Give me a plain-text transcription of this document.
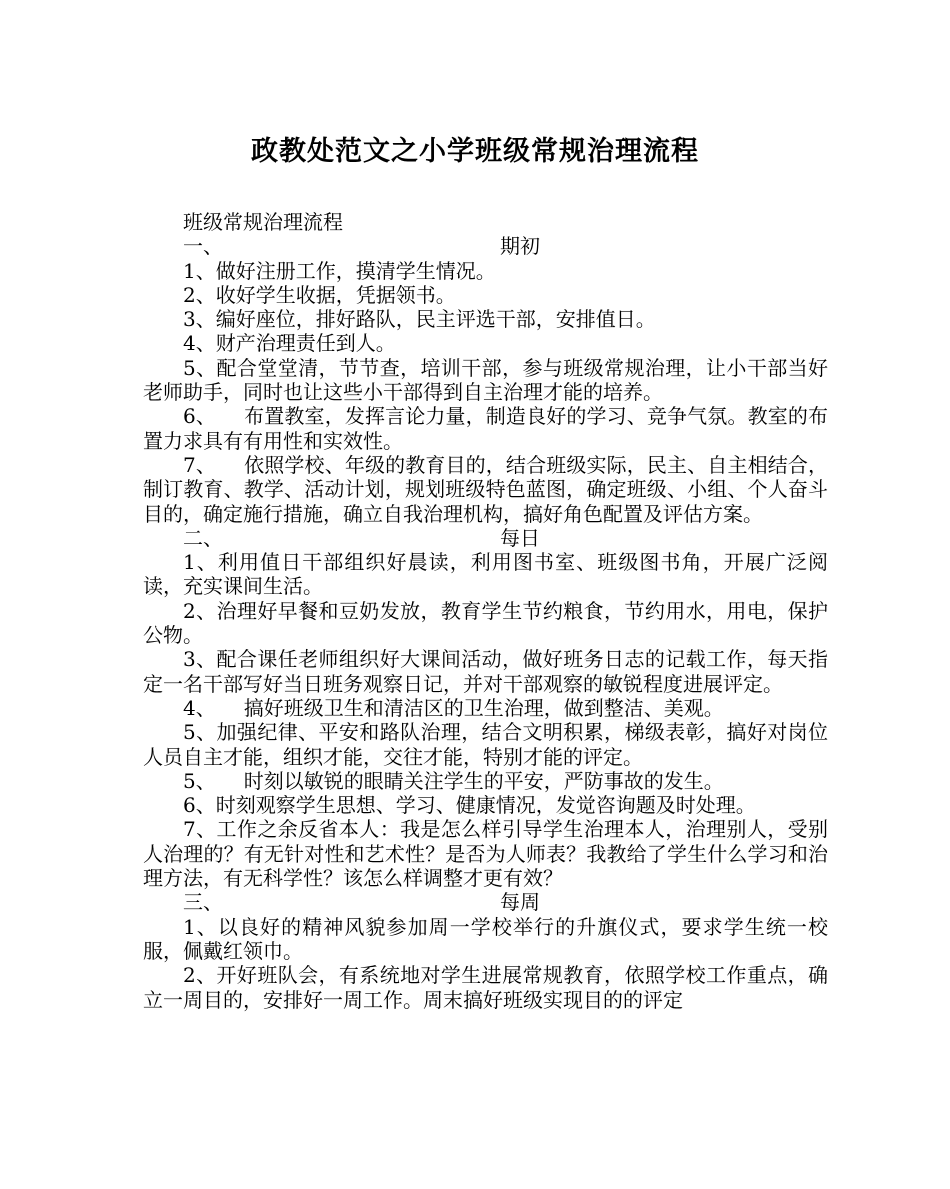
政教处范文之小学班级常规治理流程

班级常规治理流程

一、	期初

1、做好注册工作，摸清学生情况。

2、收好学生收据，凭据领书。

3、编好座位，排好路队，民主评选干部，安排值日。

4、财产治理责任到人。

5、配合堂堂清，节节查，培训干部，参与班级常规治理，让小干部当好老师助手，同时也让这些小干部得到自主治理才能的培养。

6、 布置教室，发挥言论力量，制造良好的学习、竞争气氛。教室的布置力求具有有用性和实效性。

7、 依照学校、年级的教育目的，结合班级实际，民主、自主相结合，制订教育、教学、活动计划，规划班级特色蓝图，确定班级、小组、个人奋斗目的，确定施行措施，确立自我治理机构，搞好角色配置及评估方案。

二、	每日

1、利用值日干部组织好晨读，利用图书室、班级图书角，开展广泛阅读，充实课间生活。

2、治理好早餐和豆奶发放，教育学生节约粮食，节约用水，用电，保护公物。

3、配合课任老师组织好大课间活动，做好班务日志的记载工作，每天指定一名干部写好当日班务观察日记，并对干部观察的敏锐程度进展评定。

4、 搞好班级卫生和清洁区的卫生治理，做到整洁、美观。

5、加强纪律、平安和路队治理，结合文明积累，梯级表彰，搞好对岗位人员自主才能，组织才能，交往才能，特别才能的评定。

5、 时刻以敏锐的眼睛关注学生的平安，严防事故的发生。

6、时刻观察学生思想、学习、健康情况，发觉咨询题及时处理。

7、工作之余反省本人：我是怎么样引导学生治理本人，治理别人，受别人治理的？有无针对性和艺术性？是否为人师表？我教给了学生什么学习和治理方法，有无科学性？该怎么样调整才更有效？

三、	每周

1、以良好的精神风貌参加周一学校举行的升旗仪式，要求学生统一校服，佩戴红领巾。

2、开好班队会，有系统地对学生进展常规教育，依照学校工作重点，确立一周目的，安排好一周工作。周末搞好班级实现目的的评定
